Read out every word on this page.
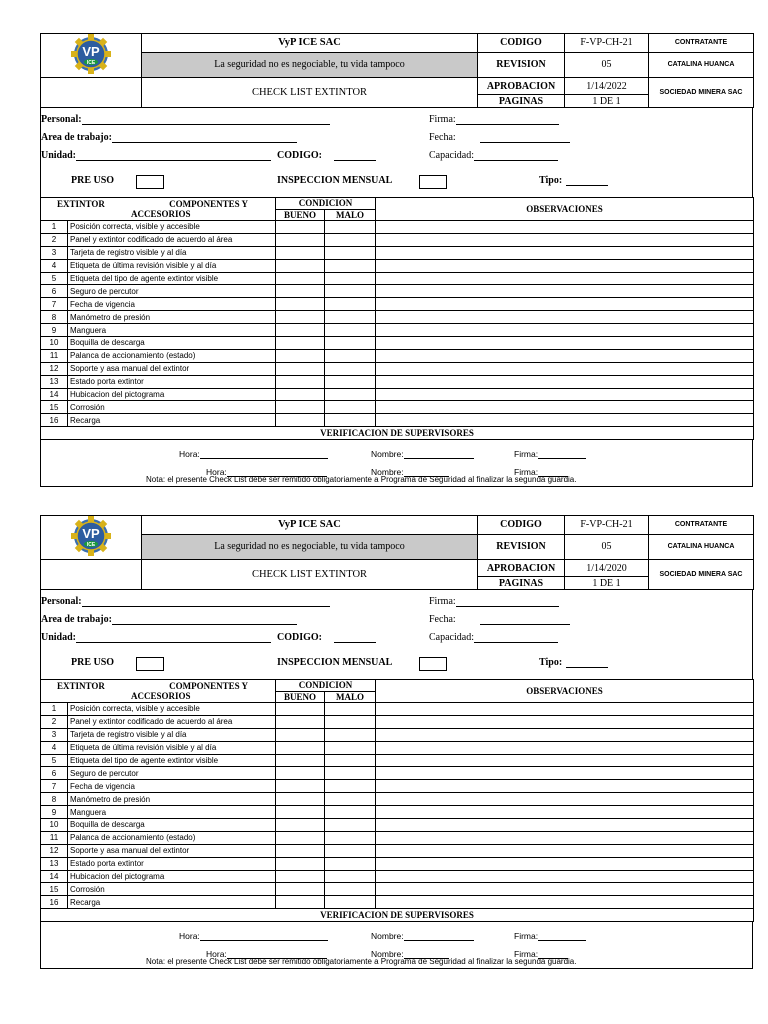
VP
ICE	VyP ICE SAC	CODIGO	F-VP-CH-21	CONTRATANTE
	La seguridad no es negociable, tu vida tampoco	REVISION	05	CATALINA HUANCA
	CHECK LIST EXTINTOR	APROBACION	1/14/2022	SOCIEDAD MINERA SAC
		PAGINAS	1 DE 1	
Personal:	Firma:
Area de trabajo:	Fecha:
Unidad:	CODIGO:	Capacidad:
PRE USO	INSPECCION MENSUAL	Tipo:
EXTINTOR COMPONENTES Y
ACCESORIOS		CONDICION		OBSERVACIONES
		BUENO	MALO	
1	Posición correcta, visible y accesible			
2	Panel y extintor codificado de acuerdo al área			
3	Tarjeta de registro visible y al día			
4	Etiqueta de última revisión visible y al día			
5	Etiqueta del tipo de agente extintor visible			
6	Seguro de percutor			
7	Fecha de vigencia			
8	Manómetro de presión			
9	Manguera			
10	Boquilla de descarga			
11	Palanca de accionamiento (estado)			
12	Soporte y asa manual del extintor			
13	Estado porta extintor			
14	Hubicacion del pictograma			
15	Corrosión			
16	Recarga			
VERIFICACION DE SUPERVISORES				
Hora:	Nombre:	Firma:
Hora:	Nombre:	Firma:
Nota: el presente Check List debe ser remitido obligatoriamente a Programa de Seguridad al finalizar la segunda guardia.
VP
ICE	VyP ICE SAC	CODIGO	F-VP-CH-21	CONTRATANTE
	La seguridad no es negociable, tu vida tampoco	REVISION	05	CATALINA HUANCA
	CHECK LIST EXTINTOR	APROBACION	1/14/2020	SOCIEDAD MINERA SAC
		PAGINAS	1 DE 1	
Personal:	Firma:
Area de trabajo:	Fecha:
Unidad:	CODIGO:	Capacidad:
PRE USO	INSPECCION MENSUAL	Tipo:
EXTINTOR COMPONENTES Y
ACCESORIOS		CONDICION		OBSERVACIONES
		BUENO	MALO	
1	Posición correcta, visible y accesible			
2	Panel y extintor codificado de acuerdo al área			
3	Tarjeta de registro visible y al día			
4	Etiqueta de última revisión visible y al día			
5	Etiqueta del tipo de agente extintor visible			
6	Seguro de percutor			
7	Fecha de vigencia			
8	Manómetro de presión			
9	Manguera			
10	Boquilla de descarga			
11	Palanca de accionamiento (estado)			
12	Soporte y asa manual del extintor			
13	Estado porta extintor			
14	Hubicacion del pictograma			
15	Corrosión			
16	Recarga			
VERIFICACION DE SUPERVISORES				
Hora:	Nombre:	Firma:
Hora:	Nombre:	Firma:
Nota: el presente Check List debe ser remitido obligatoriamente a Programa de Seguridad al finalizar la segunda guardia.
